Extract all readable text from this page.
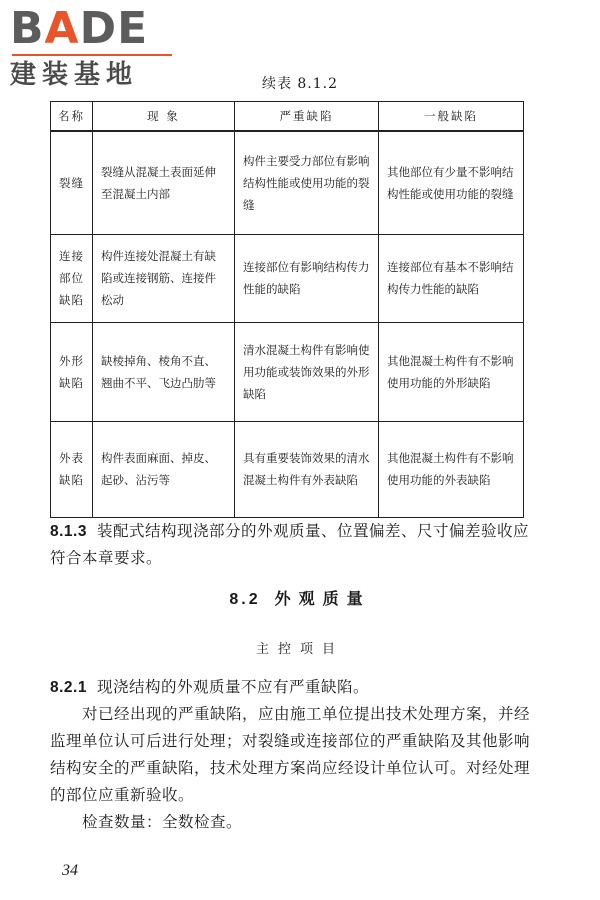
BADE
建装基地	续表 8.1.2
名称	现 象	严重缺陷	一般缺陷
裂缝	裂缝从混凝土表面延伸至混凝土内部	构件主要受力部位有影响结构性能或使用功能的裂缝	其他部位有少量不影响结构性能或使用功能的裂缝
连接部位缺陷	构件连接处混凝土有缺陷或连接钢筋、连接件松动	连接部位有影响结构传力性能的缺陷	连接部位有基本不影响结构传力性能的缺陷
外形缺陷	缺棱掉角、棱角不直、翘曲不平、飞边凸肋等	清水混凝土构件有影响使用功能或装饰效果的外形缺陷	其他混凝土构件有不影响使用功能的外形缺陷
外表缺陷	构件表面麻面、掉皮、起砂、沾污等	具有重要装饰效果的清水混凝土构件有外表缺陷	其他混凝土构件有不影响使用功能的外表缺陷

8.1.3 装配式结构现浇部分的外观质量、位置偏差、尺寸偏差验收应符合本章要求。

8.2 外观质量
主控项目

8.2.1 现浇结构的外观质量不应有严重缺陷。

对已经出现的严重缺陷，应由施工单位提出技术处理方案，并经监理单位认可后进行处理；对裂缝或连接部位的严重缺陷及其他影响结构安全的严重缺陷，技术处理方案尚应经设计单位认可。对经处理的部位应重新验收。

检查数量：全数检查。

34
